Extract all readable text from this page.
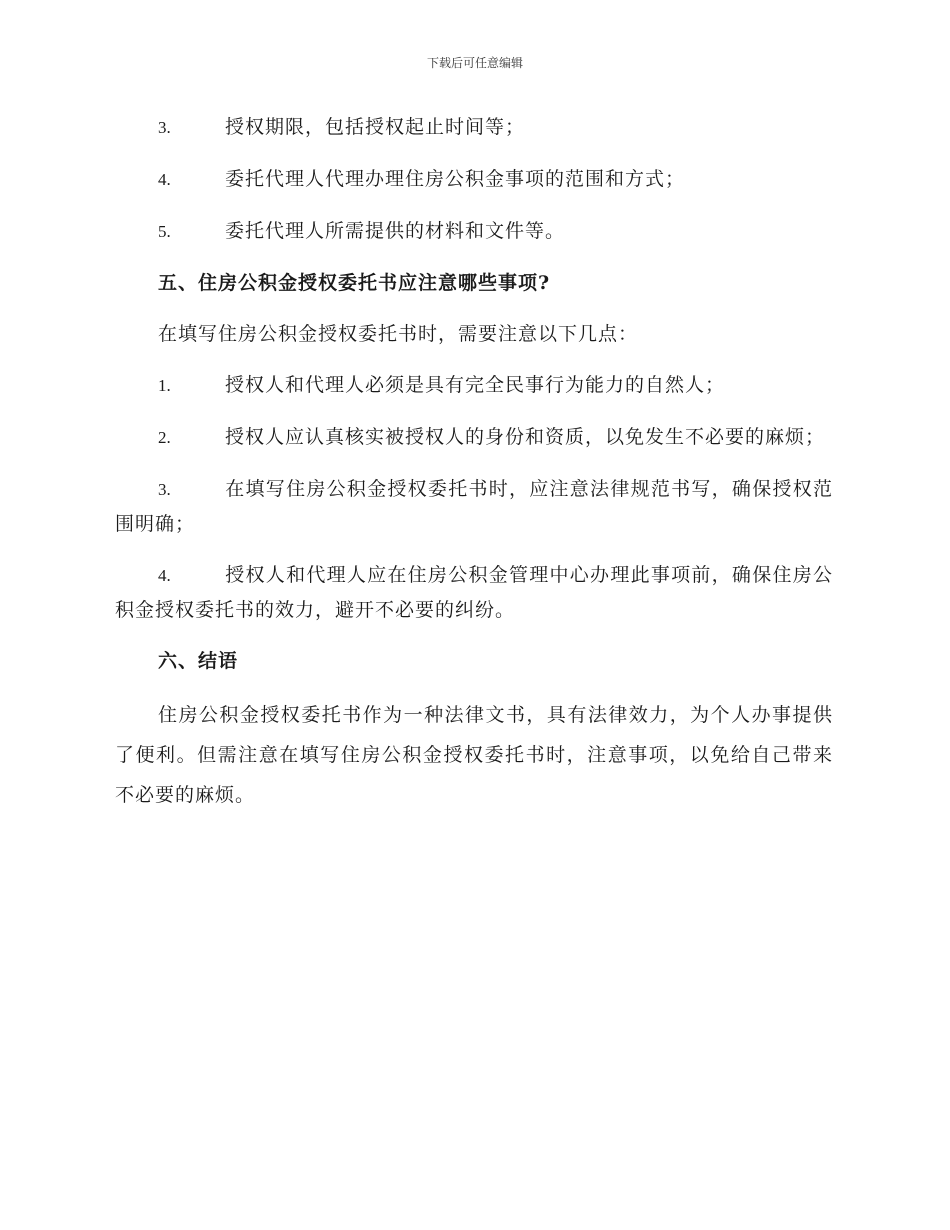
下载后可任意编辑
3.	授权期限，包括授权起止时间等；
4.	委托代理人代理办理住房公积金事项的范围和方式；
5.	委托代理人所需提供的材料和文件等。
五、住房公积金授权委托书应注意哪些事项?
在填写住房公积金授权委托书时，需要注意以下几点：
1.	授权人和代理人必须是具有完全民事行为能力的自然人；
2.	授权人应认真核实被授权人的身份和资质，以免发生不必要的麻烦；
3.	在填写住房公积金授权委托书时，应注意法律规范书写，确保授权范围明确；
4.	授权人和代理人应在住房公积金管理中心办理此事项前，确保住房公积金授权委托书的效力，避开不必要的纠纷。
六、结语
住房公积金授权委托书作为一种法律文书，具有法律效力，为个人办事提供了便利。但需注意在填写住房公积金授权委托书时，注意事项，以免给自己带来不必要的麻烦。
